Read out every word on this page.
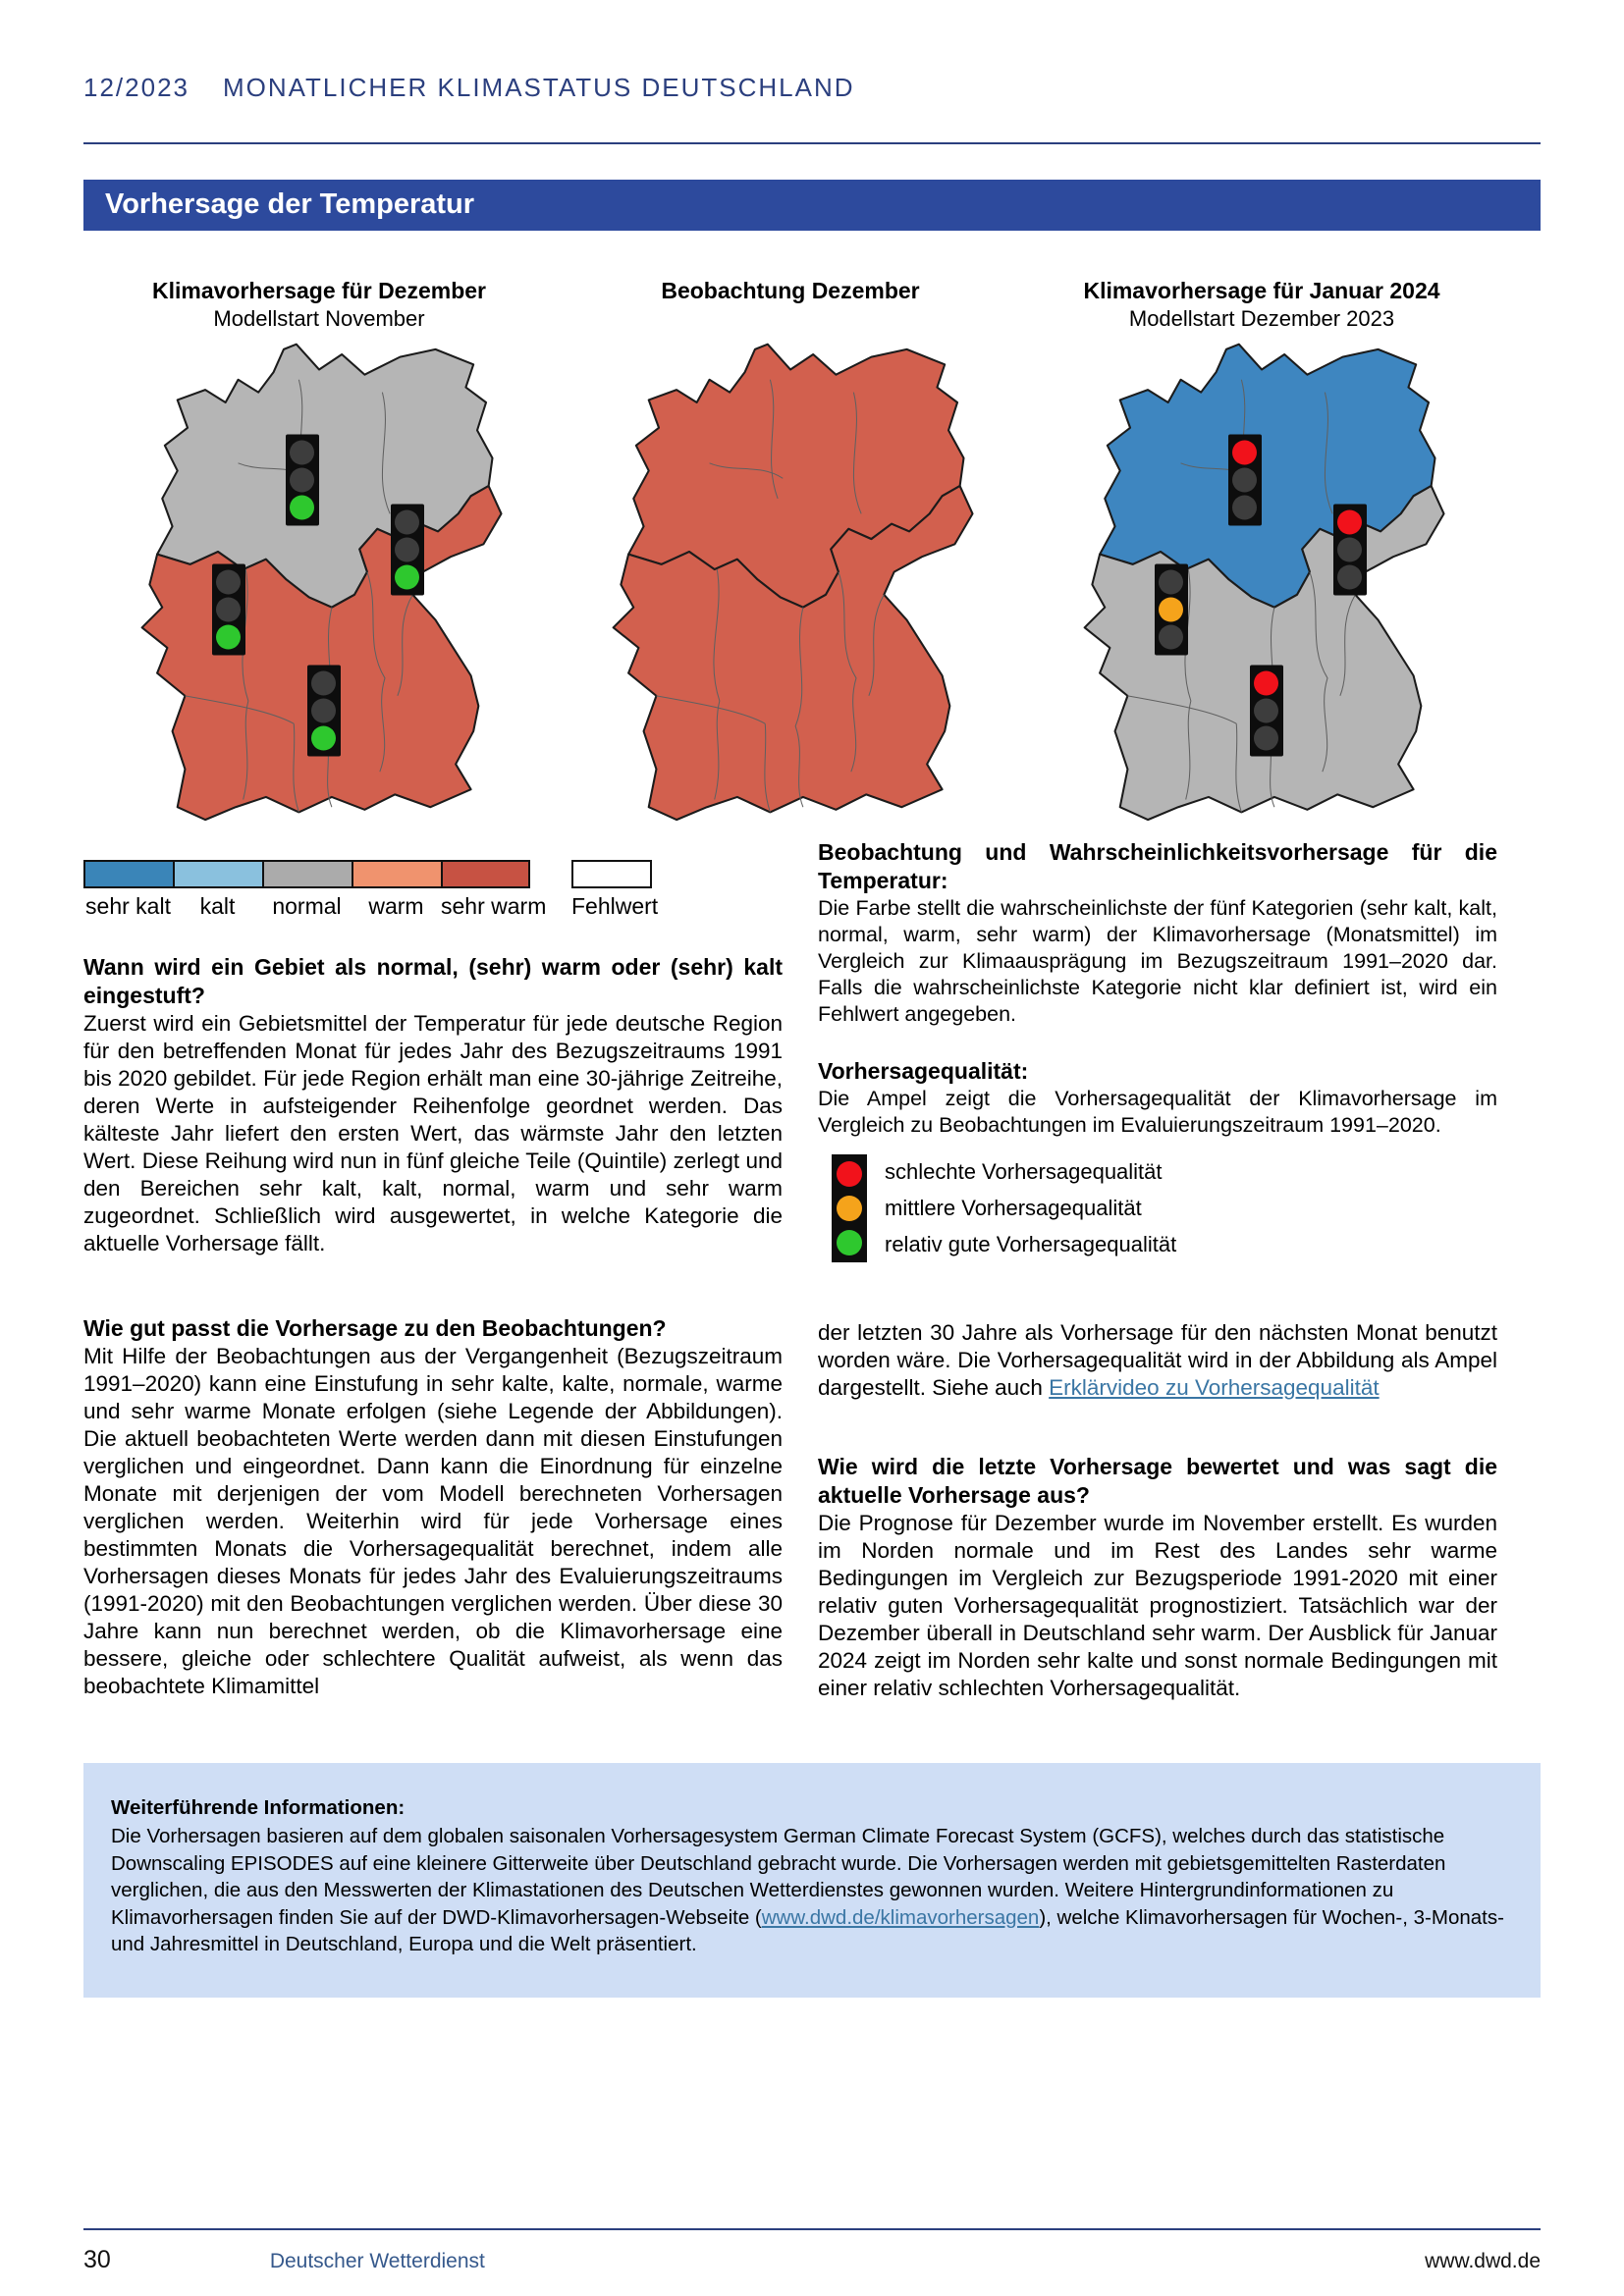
12/2023 MONATLICHER KLIMASTATUS DEUTSCHLAND
Vorhersage der Temperatur
Klimavorhersage für Dezember
Modellstart November
Beobachtung Dezember	Klimavorhersage für Januar 2024
Modellstart Dezember 2023
sehr kalt	kalt	normal	warm sehr warm Fehlwert

Wann wird ein Gebiet als normal, (sehr) warm oder (sehr) kalt eingestuft?

Zuerst wird ein Gebietsmittel der Temperatur für jede deutsche Region für den betreffenden Monat für jedes Jahr des Bezugszeitraums 1991 bis 2020 gebildet. Für jede Region erhält man eine 30-jährige Zeitreihe, deren Werte in aufsteigender Reihenfolge geordnet werden. Das kälteste Jahr liefert den ersten Wert, das wärmste Jahr den letzten Wert. Diese Reihung wird nun in fünf gleiche Teile (Quintile) zerlegt und den Bereichen sehr kalt, kalt, normal, warm und sehr warm zugeordnet. Schließlich wird ausgewertet, in welche Kategorie die aktuelle Vorhersage fällt.

Wie gut passt die Vorhersage zu den Beobachtungen?

Mit Hilfe der Beobachtungen aus der Vergangenheit (Bezugszeitraum 1991–2020) kann eine Einstufung in sehr kalte, kalte, normale, warme und sehr warme Monate erfolgen (siehe Legende der Abbildungen). Die aktuell beobachteten Werte werden dann mit diesen Einstufungen verglichen und eingeordnet. Dann kann die Einordnung für einzelne Monate mit derjenigen der vom Modell berechneten Vorhersagen verglichen werden. Weiterhin wird für jede Vorhersage eines bestimmten Monats die Vorhersagequalität berechnet, indem alle Vorhersagen dieses Monats für jedes Jahr des Evaluierungszeitraums (1991-2020) mit den Beobachtungen verglichen werden. Über diese 30 Jahre kann nun berechnet werden, ob die Klimavorhersage eine bessere, gleiche oder schlechtere Qualität aufweist, als wenn das beobachtete Klimamittel

Beobachtung und Wahrscheinlichkeitsvorhersage für die Temperatur:

Die Farbe stellt die wahrscheinlichste der fünf Kategorien (sehr kalt, kalt, normal, warm, sehr warm) der Klimavorhersage (Monatsmittel) im Vergleich zur Klimaausprägung im Bezugszeitraum 1991–2020 dar. Falls die wahrscheinlichste Kategorie nicht klar definiert ist, wird ein Fehlwert angegeben.

Vorhersagequalität:

Die Ampel zeigt die Vorhersagequalität der Klimavorhersage im Vergleich zu Beobachtungen im Evaluierungszeitraum 1991–2020.

schlechte Vorhersagequalität
mittlere Vorhersagequalität
relativ gute Vorhersagequalität

der letzten 30 Jahre als Vorhersage für den nächsten Monat benutzt worden wäre. Die Vorhersagequalität wird in der Abbildung als Ampel dargestellt. Siehe auch Erklärvideo zu Vorhersagequalität

Wie wird die letzte Vorhersage bewertet und was sagt die aktuelle Vorhersage aus?

Die Prognose für Dezember wurde im November erstellt. Es wurden im Norden normale und im Rest des Landes sehr warme Bedingungen im Vergleich zur Bezugsperiode 1991-2020 mit einer relativ guten Vorhersagequalität prognostiziert. Tatsächlich war der Dezember überall in Deutschland sehr warm. Der Ausblick für Januar 2024 zeigt im Norden sehr kalte und sonst normale Bedingungen mit einer relativ schlechten Vorhersagequalität.

Weiterführende Informationen:

Die Vorhersagen basieren auf dem globalen saisonalen Vorhersagesystem German Climate Forecast System (GCFS), welches durch das statistische Downscaling EPISODES auf eine kleinere Gitterweite über Deutschland gebracht wurde. Die Vorhersagen werden mit gebietsgemittelten Rasterdaten verglichen, die aus den Messwerten der Klimastationen des Deutschen Wetterdienstes gewonnen wurden. Weitere Hintergrundinformationen zu Klimavorhersagen finden Sie auf der DWD-Klimavorhersagen-Webseite (www.dwd.de/klimavorhersagen), welche Klimavorhersagen für Wochen-, 3-Monats- und Jahresmittel in Deutschland, Europa und die Welt präsentiert.

30	Deutscher Wetterdienst	www.dwd.de
